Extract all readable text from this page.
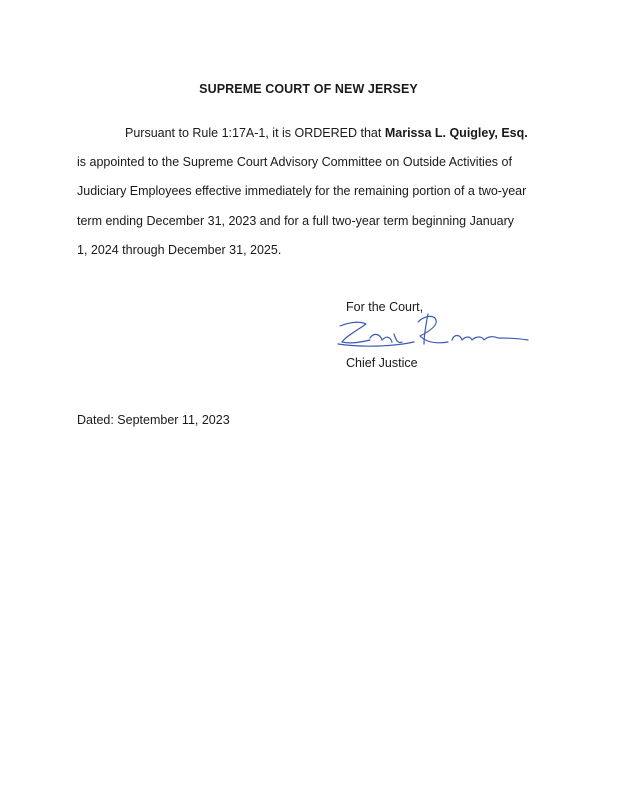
SUPREME COURT OF NEW JERSEY
Pursuant to Rule 1:17A-1, it is ORDERED that Marissa L. Quigley, Esq.
is appointed to the Supreme Court Advisory Committee on Outside Activities of
Judiciary Employees effective immediately for the remaining portion of a two-year
term ending December 31, 2023 and for a full two-year term beginning January
1, 2024 through December 31, 2025.
For the Court,
Chief Justice
Dated: September 11, 2023
